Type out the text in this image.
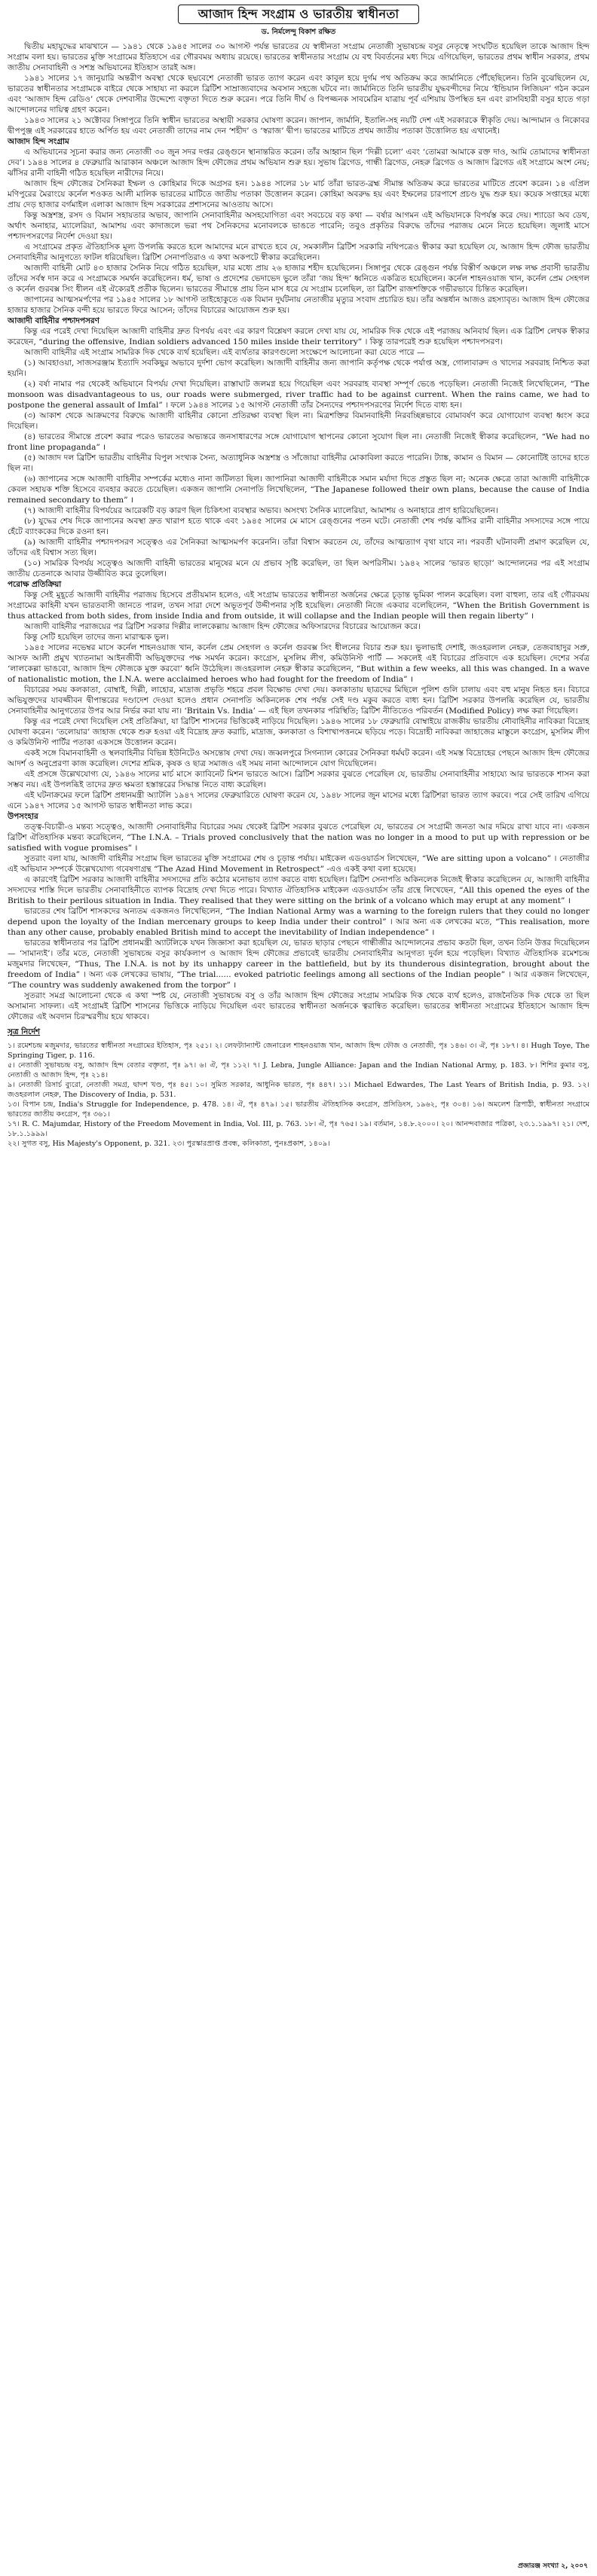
আজাদ হিন্দ সংগ্রাম ও ভারতীয় স্বাধীনতা
ড. নির্মলেন্দু বিকাশ রক্ষিত

দ্বিতীয় মহাযুদ্ধের মাঝখানে — ১৯৪১ থেকে ১৯৪৫ সালের ৩০ আগস্ট পর্যন্ত ভারতের যে স্বাধীনতা সংগ্রাম নেতাজী সুভাষচন্দ্র বসুর নেতৃত্বে সংঘটিত হয়েছিল তাকে আজাদ হিন্দ সংগ্রাম বলা হয়। ভারতের মুক্তি সংগ্রামের ইতিহাসে এর গৌরবময় অধ্যায় রয়েছে। ভারতের স্বাধীনতার সংগ্রাম যে বহু বিবর্তনের মধ্য দিয়ে এগিয়েছিল, ভারতের প্রথম স্বাধীন সরকার, প্রথম জাতীয় সেনাবাহিনী ও সশস্ত্র অভিযানের ইতিহাস তারই অঙ্গ।

১৯৪১ সালের ১৭ জানুয়ারি অন্তরীণ অবস্থা থেকে ছদ্মবেশে নেতাজী ভারত ত্যাগ করেন এবং কাবুল হয়ে দুর্গম পথ অতিক্রম করে জার্মানিতে পৌঁছেছিলেন। তিনি বুঝেছিলেন যে, ভারতের স্বাধীনতার সংগ্রামকে বাইরে থেকে সাহায্য না করলে ব্রিটিশ সাম্রাজ্যবাদের অবসান সহজে ঘটবে না। জার্মানিতে তিনি ভারতীয় যুদ্ধবন্দীদের নিয়ে ‘ইন্ডিয়ান লিজিয়ন’ গঠন করেন এবং ‘আজাদ হিন্দ রেডিও’ থেকে দেশবাসীর উদ্দেশ্যে বক্তৃতা দিতে শুরু করেন। পরে তিনি দীর্ঘ ও বিপজ্জনক সাবমেরিন যাত্রায় পূর্ব এশিয়ায় উপস্থিত হন এবং রাসবিহারী বসুর হাতে গড়া আন্দোলনের দায়িত্ব গ্রহণ করেন।

১৯৪৩ সালের ২১ অক্টোবর সিঙ্গাপুরে তিনি স্বাধীন ভারতের অস্থায়ী সরকার ঘোষণা করেন। জাপান, জার্মানি, ইতালি-সহ নয়টি দেশ এই সরকারকে স্বীকৃতি দেয়। আন্দামান ও নিকোবর দ্বীপপুঞ্জ এই সরকারের হাতে অর্পিত হয় এবং নেতাজী তাদের নাম দেন ‘শহীদ’ ও ‘স্বরাজ’ দ্বীপ। ভারতের মাটিতে প্রথম জাতীয় পতাকা উত্তোলিত হয় এখানেই।

আজাদ হিন্দ সংগ্রাম

এ অভিযানের সূচনা করার জন্য নেতাজী ৩০ জুন সদর দপ্তর রেঙ্গুনে স্থানান্তরিত করেন। তাঁর আহ্বান ছিল ‘দিল্লী চলো’ এবং ‘তোমরা আমাকে রক্ত দাও, আমি তোমাদের স্বাধীনতা দেব’। ১৯৪৪ সালের ৪ ফেব্রুয়ারি আরাকান অঞ্চলে আজাদ হিন্দ ফৌজের প্রথম অভিযান শুরু হয়। সুভাষ ব্রিগেড, গান্ধী ব্রিগেড, নেহরু ব্রিগেড ও আজাদ ব্রিগেড এই সংগ্রামে অংশ নেয়; ঝাঁসির রানী বাহিনী গঠিত হয়েছিল নারীদের নিয়ে।

আজাদ হিন্দ ফৌজের সৈনিকরা ইম্ফল ও কোহিমার দিকে অগ্রসর হন। ১৯৪৪ সালের ১৮ মার্চ তাঁরা ভারত-ব্রহ্ম সীমান্ত অতিক্রম করে ভারতের মাটিতে প্রবেশ করেন। ১৪ এপ্রিল মণিপুরের মৈরাংয়ে কর্নেল শওকত আলী মালিক ভারতের মাটিতে জাতীয় পতাকা উত্তোলন করেন। কোহিমা অবরুদ্ধ হয় এবং ইম্ফলের চারপাশে প্রচণ্ড যুদ্ধ শুরু হয়। কয়েক সপ্তাহের মধ্যে প্রায় দেড় হাজার বর্গমাইল এলাকা আজাদ হিন্দ সরকারের প্রশাসনের আওতায় আসে।

কিন্তু অস্ত্রশস্ত্র, রসদ ও বিমান সহায়তার অভাব, জাপানি সেনাবাহিনীর অসহযোগিতা এবং সবচেয়ে বড় কথা — বর্ষার আগমন এই অভিযানকে বিপর্যস্ত করে দেয়। শ্যাডো অব ডেথ, অর্থাৎ অনাহার, ম্যালেরিয়া, আমাশয় এবং কাদাজলে ভরা পথ সৈনিকদের মনোবলকে ভাঙতে পারেনি; তবুও প্রকৃতির বিরুদ্ধে তাঁদের পরাজয় মেনে নিতে হয়েছিল। জুলাই মাসে পশ্চাদপসরণের নির্দেশ দেওয়া হয়।

এ সংগ্রামের প্রকৃত ঐতিহাসিক মূল্য উপলব্ধি করতে হলে আমাদের মনে রাখতে হবে যে, সমকালীন ব্রিটিশ সরকারি নথিপত্রেও স্বীকার করা হয়েছিল যে, আজাদ হিন্দ ফৌজ ভারতীয় সেনাবাহিনীর আনুগত্যে ফাটল ধরিয়েছিল। ব্রিটিশ সেনাপতিরাও এ কথা অকপটে স্বীকার করেছিলেন।

আজাদী বাহিনী মোট ৪৩ হাজার সৈনিক নিয়ে গঠিত হয়েছিল, যার মধ্যে প্রায় ২৬ হাজার শহীদ হয়েছিলেন। সিঙ্গাপুর থেকে রেঙ্গুন পর্যন্ত বিস্তীর্ণ অঞ্চলে লক্ষ লক্ষ প্রবাসী ভারতীয় তাঁদের সর্বস্ব দান করে এ সংগ্রামকে সমর্থন করেছিলেন। ধর্ম, ভাষা ও প্রদেশের ভেদাভেদ ভুলে তাঁরা ‘জয় হিন্দ’ ধ্বনিতে একত্রিত হয়েছিলেন। কর্নেল শাহনওয়াজ খান, কর্নেল প্রেম সেহগল ও কর্নেল গুরবক্স সিং ধীলন এই ঐক্যেরই প্রতীক ছিলেন। ভারতের সীমান্তে প্রায় তিন মাস ধরে যে সংগ্রাম চলেছিল, তা ব্রিটিশ রাজশক্তিকে গভীরভাবে চিন্তিত করেছিল।

জাপানের আত্মসমর্পণের পর ১৯৪৫ সালের ১৮ আগস্ট তাইহোকুতে এক বিমান দুর্ঘটনায় নেতাজীর মৃত্যুর সংবাদ প্রচারিত হয়। তাঁর অন্তর্ধান আজও রহস্যাবৃত। আজাদ হিন্দ ফৌজের হাজার হাজার সৈনিক বন্দী হয়ে ভারতে ফিরে আসেন; তাঁদের বিচারের আয়োজন শুরু হয়।

আজাদী বাহিনীর পশ্চাদপসরণ

কিন্তু এর পরেই দেখা দিয়েছিল আজাদী বাহিনীর দ্রুত বিপর্যয় এবং এর কারণ বিশ্লেষণ করলে দেখা যায় যে, সামরিক দিক থেকে এই পরাজয় অনিবার্য ছিল। এক ব্রিটিশ লেখক স্বীকার করেছেন, “during the offensive, Indian soldiers advanced 150 miles inside their territory” । কিন্তু তারপরেই শুরু হয়েছিল পশ্চাদপসরণ।

আজাদী বাহিনীর এই সংগ্রাম সামরিক দিক থেকে ব্যর্থ হয়েছিল। এই ব্যর্থতার কারণগুলো সংক্ষেপে আলোচনা করা যেতে পারে —

(১) আবহাওয়া, সাজসরঞ্জাম ইত্যাদি সবকিছুর অভাবে দুর্দশা ভোগ করেছিল। আজাদী বাহিনীর জন্য জাপানি কর্তৃপক্ষ থেকে পর্যাপ্ত অস্ত্র, গোলাবারুদ ও খাদ্যের সরবরাহ নিশ্চিত করা হয়নি।

(২) বর্ষা নামার পর থেকেই অভিযানে বিপর্যয় দেখা দিয়েছিল। রাস্তাঘাট জলমগ্ন হয়ে গিয়েছিল এবং সরবরাহ ব্যবস্থা সম্পূর্ণ ভেঙে পড়েছিল। নেতাজী নিজেই লিখেছিলেন, “The monsoon was disadvantageous to us, our roads were submerged, river traffic had to be against current. When the rains came, we had to postpone the general assault of Imfal” । ফলে ১৯৪৪ সালের ১৫ আগস্ট নেতাজী তাঁর সৈন্যদের পশ্চাদপসরণের নির্দেশ দিতে বাধ্য হন।

(৩) আকাশ থেকে আক্রমণের বিরুদ্ধে আজাদী বাহিনীর কোনো প্রতিরক্ষা ব্যবস্থা ছিল না। মিত্রশক্তির বিমানবাহিনী নিরবচ্ছিন্নভাবে বোমাবর্ষণ করে যোগাযোগ ব্যবস্থা ধ্বংস করে দিয়েছিল।

(৪) ভারতের সীমান্তে প্রবেশ করার পরেও ভারতের অভ্যন্তরে জনসাধারণের সঙ্গে যোগাযোগ স্থাপনের কোনো সুযোগ ছিল না। নেতাজী নিজেই স্বীকার করেছিলেন, “We had no front line propaganda” ।

(৫) আজাদ দল ব্রিটিশ ভারতীয় বাহিনীর বিপুল সংখ্যক সৈন্য, অত্যাধুনিক অস্ত্রশস্ত্র ও সাঁজোয়া বাহিনীর মোকাবিলা করতে পারেনি। ট্যাঙ্ক, কামান ও বিমান — কোনোটিই তাদের হাতে ছিল না।

(৬) জাপানের সঙ্গে আজাদী বাহিনীর সম্পর্কের মধ্যেও নানা জটিলতা ছিল। জাপানিরা আজাদী বাহিনীকে সমান মর্যাদা দিতে প্রস্তুত ছিল না; অনেক ক্ষেত্রে তারা আজাদী বাহিনীকে কেবল সহায়ক শক্তি হিসেবে ব্যবহার করতে চেয়েছিল। একজন জাপানি সেনাপতি লিখেছিলেন, “The Japanese followed their own plans, because the cause of India remained secondary to them” ।

(৭) আজাদী বাহিনীর বিপর্যয়ের আরেকটি বড় কারণ ছিল চিকিৎসা ব্যবস্থার অভাব। অসংখ্য সৈনিক ম্যালেরিয়া, আমাশয় ও অনাহারে প্রাণ হারিয়েছিলেন।

(৮) যুদ্ধের শেষ দিকে জাপানের অবস্থা দ্রুত খারাপ হতে থাকে এবং ১৯৪৫ সালের মে মাসে রেঙ্গুনের পতন ঘটে। নেতাজী শেষ পর্যন্ত ঝাঁসির রানী বাহিনীর সদস্যদের সঙ্গে পায়ে হেঁটে ব্যাংককের দিকে রওনা হন।

(৯) আজাদী বাহিনীর পশ্চাদপসরণ সত্ত্বেও এর সৈনিকরা আত্মসমর্পণ করেননি। তাঁরা বিশ্বাস করতেন যে, তাঁদের আত্মত্যাগ বৃথা যাবে না। পরবর্তী ঘটনাবলী প্রমাণ করেছিল যে, তাঁদের এই বিশ্বাস সত্য ছিল।

(১০) সামরিক বিপর্যয় সত্ত্বেও আজাদী বাহিনী ভারতের মানুষের মনে যে প্রভাব সৃষ্টি করেছিল, তা ছিল অপরিসীম। ১৯৪২ সালের ‘ভারত ছাড়ো’ আন্দোলনের পর এই সংগ্রাম জাতীয় চেতনাকে আবার উজ্জীবিত করে তুলেছিল।

পরোক্ষ প্রতিক্রিয়া

কিন্তু সেই মুহূর্তে আজাদী বাহিনীর পরাজয় হিসেবে প্রতীয়মান হলেও, এই সংগ্রাম ভারতের স্বাধীনতা অর্জনের ক্ষেত্রে চূড়ান্ত ভূমিকা পালন করেছিল। বলা বাহুল্য, তার এই গৌরবময় সংগ্রামের কাহিনী যখন ভারতবাসী জানতে পারল, তখন সারা দেশে অভূতপূর্ব উদ্দীপনার সৃষ্টি হয়েছিল। নেতাজী নিজে একবার বলেছিলেন, “When the British Government is thus attacked from both sides, from inside India and from outside, it will collapse and the Indian people will then regain liberty” ।

আজাদী বাহিনীর পরাজয়ের পর ব্রিটিশ সরকার দিল্লীর লালকেল্লায় আজাদ হিন্দ ফৌজের অফিসারদের বিচারের আয়োজন করে।

কিন্তু সেটি হয়েছিল তাদের জন্য মারাত্মক ভুল।

১৯৪৫ সালের নভেম্বর মাসে কর্নেল শাহনওয়াজ খান, কর্নেল প্রেম সেহগল ও কর্নেল গুরবক্স সিং ধীলনের বিচার শুরু হয়। ভুলাভাই দেশাই, জওহরলাল নেহরু, তেজবাহাদুর সপ্রু, আসফ আলী প্রমুখ খ্যাতনামা আইনজীবী অভিযুক্তদের পক্ষ সমর্থন করেন। কংগ্রেস, মুসলিম লীগ, কমিউনিস্ট পার্টি — সকলেই এই বিচারের প্রতিবাদে এক হয়েছিল। দেশের সর্বত্র ‘লালকেল্লা ভাঙবো, আজাদ হিন্দ ফৌজকে মুক্ত করবো’ ধ্বনি উঠেছিল। জওহরলাল নেহরু স্বীকার করেছিলেন, “But within a few weeks, all this was changed. In a wave of nationalistic motion, the I.N.A. were acclaimed heroes who had fought for the freedom of India” ।

বিচারের সময় কলকাতা, বোম্বাই, দিল্লী, লাহোর, মাদ্রাজ প্রভৃতি শহরে প্রবল বিক্ষোভ দেখা দেয়। কলকাতায় ছাত্রদের মিছিলে পুলিশ গুলি চালায় এবং বহু মানুষ নিহত হন। বিচারে অভিযুক্তদের যাবজ্জীবন দ্বীপান্তরের দণ্ডাদেশ দেওয়া হলেও প্রধান সেনাপতি অকিনলেক শেষ পর্যন্ত সেই দণ্ড মকুব করতে বাধ্য হন। ব্রিটিশ সরকার উপলব্ধি করেছিল যে, ভারতীয় সেনাবাহিনীর আনুগত্যের উপর আর নির্ভর করা যায় না। ‘Britain Vs. India’ — এই ছিল তখনকার পরিস্থিতি; ব্রিটিশ নীতিতেও পরিবর্তন (Modified Policy) লক্ষ করা গিয়েছিল।

কিন্তু এর পরেই দেখা দিয়েছিল সেই প্রতিক্রিয়া, যা ব্রিটিশ শাসনের ভিত্তিকেই নাড়িয়ে দিয়েছিল। ১৯৪৬ সালের ১৮ ফেব্রুয়ারি বোম্বাইয়ে রাজকীয় ভারতীয় নৌবাহিনীর নাবিকরা বিদ্রোহ ঘোষণা করেন। ‘তলোয়ার’ জাহাজ থেকে শুরু হওয়া এই বিদ্রোহ দ্রুত করাচি, মাদ্রাজ, কলকাতা ও বিশাখাপত্তনমে ছড়িয়ে পড়ে। বিদ্রোহী নাবিকরা জাহাজের মাস্তুলে কংগ্রেস, মুসলিম লীগ ও কমিউনিস্ট পার্টির পতাকা একসঙ্গে উত্তোলন করেন।

একই সঙ্গে বিমানবাহিনী ও স্থলবাহিনীর বিভিন্ন ইউনিটেও অসন্তোষ দেখা দেয়। জব্বলপুরে সিগন্যাল কোরের সৈনিকরা ধর্মঘট করেন। এই সমস্ত বিদ্রোহের পেছনে আজাদ হিন্দ ফৌজের আদর্শ ও অনুপ্রেরণা কাজ করেছিল। দেশের শ্রমিক, কৃষক ও ছাত্র সমাজও এই সময় নানা আন্দোলনে যোগ দিয়েছিলেন।

এই প্রসঙ্গে উল্লেখযোগ্য যে, ১৯৪৬ সালের মার্চ মাসে ক্যাবিনেট মিশন ভারতে আসে। ব্রিটিশ সরকার বুঝতে পেরেছিল যে, ভারতীয় সেনাবাহিনীর সাহায্যে আর ভারতকে শাসন করা সম্ভব নয়। এই উপলব্ধিই তাদের দ্রুত ক্ষমতা হস্তান্তরের সিদ্ধান্ত নিতে বাধ্য করেছিল।

এই ঘটনাক্রমের ফলে ব্রিটিশ প্রধানমন্ত্রী অ্যাটলি ১৯৪৭ সালের ফেব্রুয়ারিতে ঘোষণা করেন যে, ১৯৪৮ সালের জুন মাসের মধ্যে ব্রিটিশরা ভারত ত্যাগ করবে। পরে সেই তারিখ এগিয়ে এনে ১৯৪৭ সালের ১৫ আগস্ট ভারত স্বাধীনতা লাভ করে।

উপসংহার

তত্ত্ব-বিচারী-ও মন্তব্য সত্ত্বেও, আজাদী সেনাবাহিনীর বিচারের সময় থেকেই ব্রিটিশ সরকার বুঝতে পেরেছিল যে, ভারতের সে সংগ্রামী জনতা আর দমিয়ে রাখা যাবে না। একজন ব্রিটিশ ঐতিহাসিক মন্তব্য করেছিলেন, “The I.N.A. – Trials proved conclusively that the nation was no longer in a mood to put up with repression or be satisfied with vogue promises” ।

সুতরাং বলা যায়, আজাদী বাহিনীর সংগ্রাম ছিল ভারতের মুক্তি সংগ্রামের শেষ ও চূড়ান্ত পর্যায়। মাইকেল এডওয়ার্ডস লিখেছেন, “We are sitting upon a volcano” । নেতাজীর এই অভিযান সম্পর্কে উল্লেখযোগ্য গবেষণাগ্রন্থ “The Azad Hind Movement in Retrospect” -এও একই কথা বলা হয়েছে।

এ কারণেই ব্রিটিশ সরকার আজাদী বাহিনীর সদস্যদের প্রতি কঠোর মনোভাব ত্যাগ করতে বাধ্য হয়েছিল। ব্রিটিশ সেনাপতি অকিনলেক নিজেই স্বীকার করেছিলেন যে, আজাদী বাহিনীর সদস্যদের শাস্তি দিলে ভারতীয় সেনাবাহিনীতে ব্যাপক বিদ্রোহ দেখা দিতে পারে। বিখ্যাত ঐতিহাসিক মাইকেল এডওয়ার্ডস তাঁর গ্রন্থে লিখেছেন, “All this opened the eyes of the British to their perilous situation in India. They realised that they were sitting on the brink of a volcano which may erupt at any moment” ।

ভারতের শেষ ব্রিটিশ শাসকদের অন্যতম একজনও লিখেছিলেন, “The Indian National Army was a warning to the foreign rulers that they could no longer depend upon the loyalty of the Indian mercenary groups to keep India under their control” । আর অন্য এক লেখকের মতে, “This realisation, more than any other cause, probably enabled British mind to accept the inevitability of Indian independence” ।

ভারতের স্বাধীনতার পর ব্রিটিশ প্রধানমন্ত্রী অ্যাটলিকে যখন জিজ্ঞাসা করা হয়েছিল যে, ভারত ছাড়ার পেছনে গান্ধীজীর আন্দোলনের প্রভাব কতটা ছিল, তখন তিনি উত্তর দিয়েছিলেন — ‘সামান্যই’। তাঁর মতে, নেতাজী সুভাষচন্দ্র বসুর কার্যকলাপ ও আজাদ হিন্দ ফৌজের প্রভাবেই ভারতীয় সেনাবাহিনীর আনুগত্য দুর্বল হয়ে পড়েছিল। বিখ্যাত ঐতিহাসিক রমেশচন্দ্র মজুমদার লিখেছেন, “Thus, The I.N.A. is not by its unhappy career in the battlefield, but by its thunderous disintegration, brought about the freedom of India” । অন্য এক লেখকের ভাষায়, “The trial...... evoked patriotic feelings among all sections of the Indian people” । আর একজন লিখেছেন, “The country was suddenly awakened from the torpor” ।

সুতরাং সমগ্র আলোচনা থেকে এ কথা স্পষ্ট যে, নেতাজী সুভাষচন্দ্র বসু ও তাঁর আজাদ হিন্দ ফৌজের সংগ্রাম সামরিক দিক থেকে ব্যর্থ হলেও, রাজনৈতিক দিক থেকে তা ছিল অসামান্য সাফল্য। এই সংগ্রামই ব্রিটিশ শাসনের ভিত্তিকে নাড়িয়ে দিয়েছিল এবং ভারতের স্বাধীনতা অর্জনকে ত্বরান্বিত করেছিল। ভারতের স্বাধীনতা সংগ্রামের ইতিহাসে আজাদ হিন্দ ফৌজের এই অবদান চিরস্মরণীয় হয়ে থাকবে।

সূত্র নির্দেশ

১। রমেশচন্দ্র মজুমদার, ভারতের স্বাধীনতা সংগ্রামের ইতিহাস, পৃঃ ২৫১। ২। লেফট্যান্যান্ট জেনারেল শাহনওয়াজ খান, আজাদ হিন্দ ফৌজ ও নেতাজী, পৃঃ ১৪৬। ৩। ঐ, পৃঃ ১৮৭। ৪। Hugh Toye, The Springing Tiger, p. 116.

৫। নেতাজী সুভাষচন্দ্র বসু, আজাদ হিন্দ বেতার বক্তৃতা, পৃঃ ৯৭। ৬। ঐ, পৃঃ ১১২। ৭। J. Lebra, Jungle Alliance: Japan and the Indian National Army, p. 183. ৮। শিশির কুমার বসু, নেতাজী ও আজাদ হিন্দ, পৃঃ ২১৪।

৯। নেতাজী রিসার্চ ব্যুরো, নেতাজী সমগ্র, দ্বাদশ খণ্ড, পৃঃ ৪৫। ১০। সুমিত সরকার, আধুনিক ভারত, পৃঃ ৪৪৭। ১১। Michael Edwardes, The Last Years of British India, p. 93. ১২। জওহরলাল নেহরু, The Discovery of India, p. 531.

১৩। বিপান চন্দ্র, India's Struggle for Independence, p. 478. ১৪। ঐ, পৃঃ ৪৭৯। ১৫। ভারতীয় ঐতিহাসিক কংগ্রেস, প্রসিডিংস, ১৯৬২, পৃঃ ৩০৪। ১৬। অমলেশ ত্রিপাঠী, স্বাধীনতা সংগ্রামে ভারতের জাতীয় কংগ্রেস, পৃঃ ৩৬১।

১৭। R. C. Majumdar, History of the Freedom Movement in India, Vol. III, p. 763. ১৮। ঐ, পৃঃ ৭৬৫। ১৯। বর্তমান, ১৪.৮.২০০০। ২০। আনন্দবাজার পত্রিকা, ২৩.১.১৯৯৭। ২১। দেশ, ১৮.১.১৯৯৯।

২২। সুগত বসু, His Majesty's Opponent, p. 321. ২৩। পুরস্কারপ্রাপ্ত প্রবন্ধ, কলিকাতা, পুনঃপ্রকাশ, ১৪০৯।

প্রজারঞ্জ সংখ্যা ২, ২০০৭
